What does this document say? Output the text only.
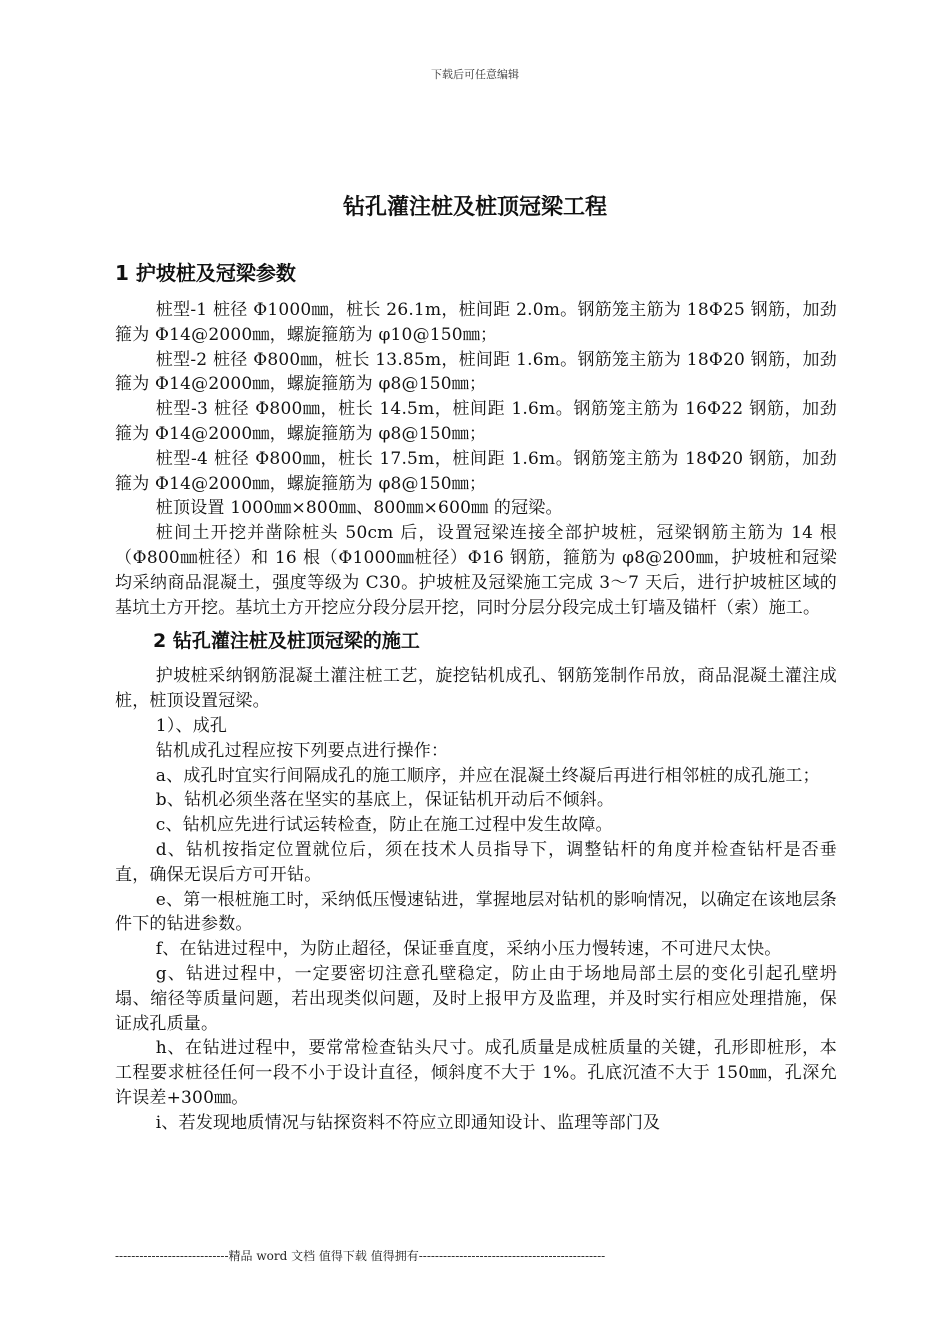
下载后可任意编辑
钻孔灌注桩及桩顶冠梁工程
1 护坡桩及冠梁参数

桩型-1 桩径 Φ1000㎜，桩长 26.1m，桩间距 2.0m。钢筋笼主筋为 18Φ25 钢筋，加劲箍为 Φ14@2000㎜，螺旋箍筋为 φ10@150㎜；

桩型-2 桩径 Φ800㎜，桩长 13.85m，桩间距 1.6m。钢筋笼主筋为 18Φ20 钢筋，加劲箍为 Φ14@2000㎜，螺旋箍筋为 φ8@150㎜；

桩型-3 桩径 Φ800㎜，桩长 14.5m，桩间距 1.6m。钢筋笼主筋为 16Φ22 钢筋，加劲箍为 Φ14@2000㎜，螺旋箍筋为 φ8@150㎜；

桩型-4 桩径 Φ800㎜，桩长 17.5m，桩间距 1.6m。钢筋笼主筋为 18Φ20 钢筋，加劲箍为 Φ14@2000㎜，螺旋箍筋为 φ8@150㎜；

桩顶设置 1000㎜×800㎜、800㎜×600㎜ 的冠梁。

桩间土开挖并凿除桩头 50cm 后，设置冠梁连接全部护坡桩，冠梁钢筋主筋为 14 根（Φ800㎜桩径）和 16 根（Φ1000㎜桩径）Φ16 钢筋，箍筋为 φ8@200㎜，护坡桩和冠梁均采纳商品混凝土，强度等级为 C30。护坡桩及冠梁施工完成 3～7 天后，进行护坡桩区域的基坑土方开挖。基坑土方开挖应分段分层开挖，同时分层分段完成土钉墙及锚杆（索）施工。

2 钻孔灌注桩及桩顶冠梁的施工

护坡桩采纳钢筋混凝土灌注桩工艺，旋挖钻机成孔、钢筋笼制作吊放，商品混凝土灌注成桩，桩顶设置冠梁。

1）、成孔

钻机成孔过程应按下列要点进行操作：

a、成孔时宜实行间隔成孔的施工顺序，并应在混凝土终凝后再进行相邻桩的成孔施工；

b、钻机必须坐落在坚实的基底上，保证钻机开动后不倾斜。

c、钻机应先进行试运转检查，防止在施工过程中发生故障。

d、钻机按指定位置就位后，须在技术人员指导下，调整钻杆的角度并检查钻杆是否垂直，确保无误后方可开钻。

e、第一根桩施工时，采纳低压慢速钻进，掌握地层对钻机的影响情况，以确定在该地层条件下的钻进参数。

f、在钻进过程中，为防止超径，保证垂直度，采纳小压力慢转速，不可进尺太快。

g、钻进过程中，一定要密切注意孔壁稳定，防止由于场地局部土层的变化引起孔壁坍塌、缩径等质量问题，若出现类似问题，及时上报甲方及监理，并及时实行相应处理措施，保证成孔质量。

h、在钻进过程中，要常常检查钻头尺寸。成孔质量是成桩质量的关键，孔形即桩形，本工程要求桩径任何一段不小于设计直径，倾斜度不大于 1%。孔底沉渣不大于 150㎜，孔深允许误差+300㎜。

i、若发现地质情况与钻探资料不符应立即通知设计、监理等部门及

----------------------------精品 word 文档 值得下载 值得拥有----------------------------------------------
